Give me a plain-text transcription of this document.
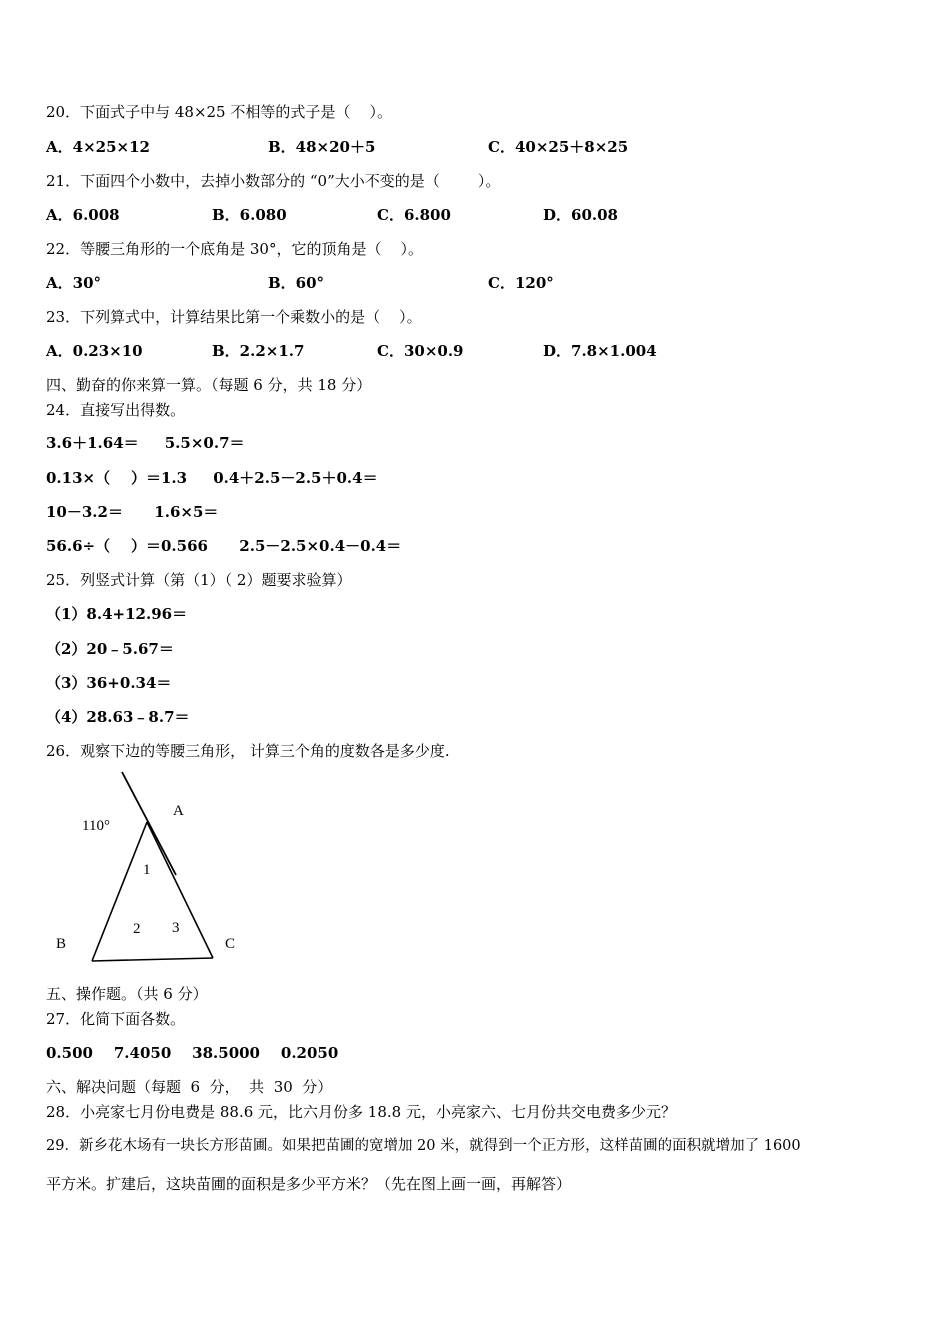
20．下面式子中与 48×25 不相等的式子是（    ）。
A．4×25×12	B．48×20＋5	C．40×25＋8×25
21．下面四个小数中，去掉小数部分的 “0”大小不变的是（        ）。
A．6.008	B．6.080	C．6.800	D．60.08
22．等腰三角形的一个底角是 30°，它的顶角是（    ）。
A．30°	B．60°	C．120°
23．下列算式中，计算结果比第一个乘数小的是（    ）。
A．0.23×10	B．2.2×1.7	C．30×0.9	D．7.8×1.004
四、勤奋的你来算一算。（每题 6 分，共 18 分）
24．直接写出得数。
3.6＋1.64＝     5.5×0.7＝
0.13×（    ）＝1.3     0.4＋2.5－2.5＋0.4＝
10－3.2＝      1.6×5＝
56.6÷（    ）＝0.566      2.5－2.5×0.4－0.4＝
25．列竖式计算（第（1）（ 2）题要求验算）
（1）8.4+12.96＝
（2）20﹣5.67＝
（3）36+0.34＝
（4）28.63﹣8.7＝
26．观察下边的等腰三角形， 计算三个角的度数各是多少度.
110°
A
B	C
1
2 3
五、操作题。（共 6 分）
27．化简下面各数。
0.500    7.4050    38.5000    0.2050
六、解决问题（每题  6  分，  共  30  分）
28．小亮家七月份电费是 88.6 元，比六月份多 18.8 元，小亮家六、七月份共交电费多少元？
29．新乡花木场有一块长方形苗圃。如果把苗圃的宽增加 20 米，就得到一个正方形，这样苗圃的面积就增加了 1600
平方米。扩建后，这块苗圃的面积是多少平方米？（先在图上画一画，再解答）
